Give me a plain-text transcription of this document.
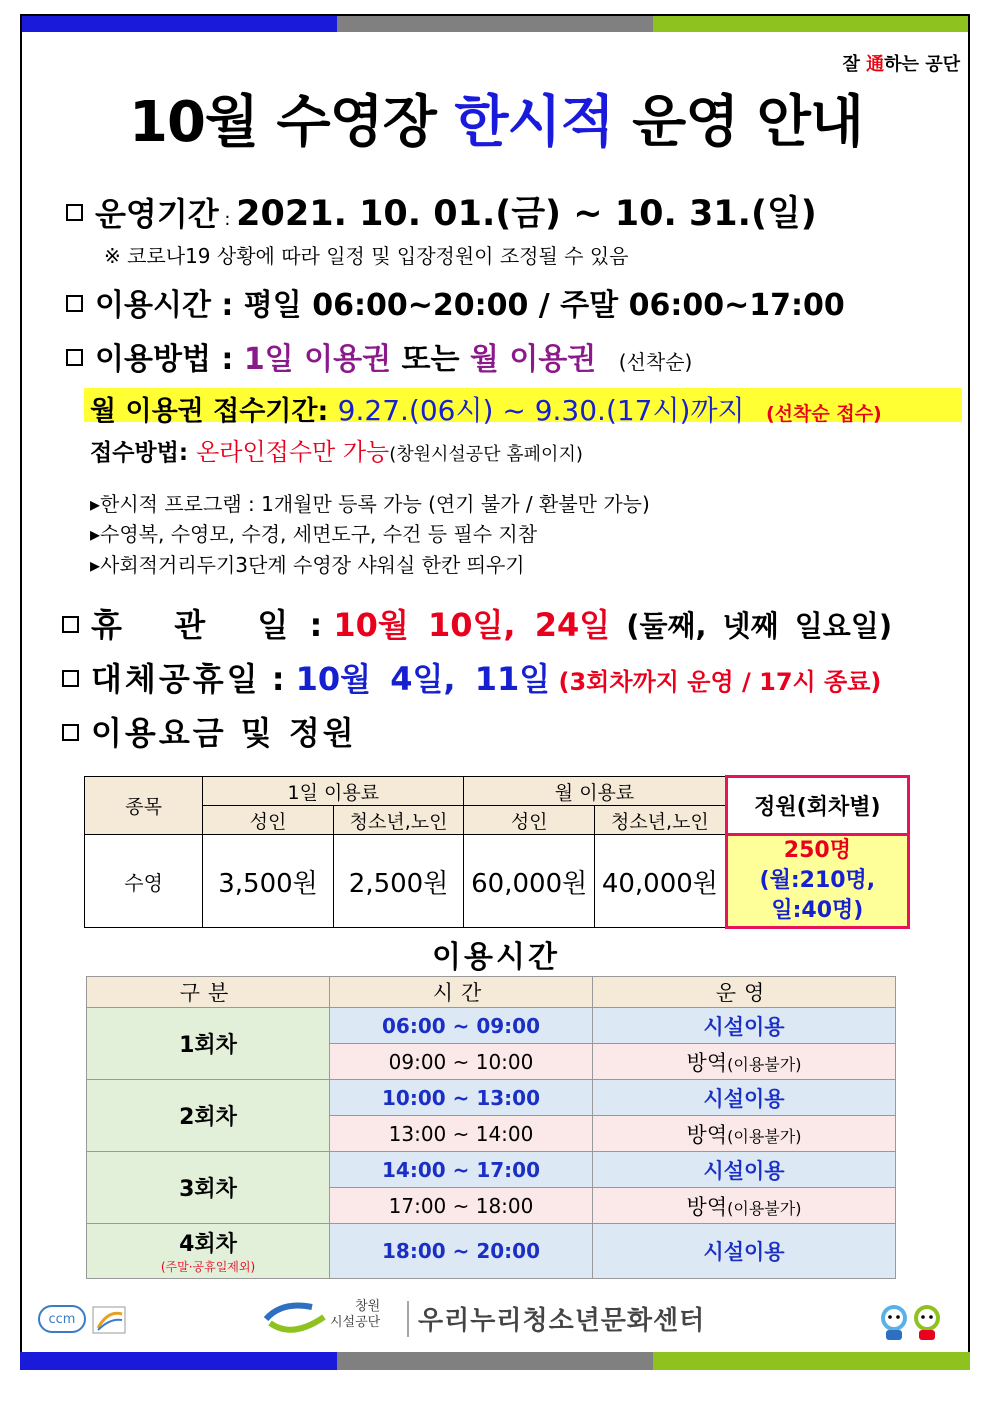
잘 通하는 공단
10월 수영장 한시적 운영 안내
운영기간 : 2021. 10. 01.(금) ~ 10. 31.(일)
※ 코로나19 상황에 따라 일정 및 입장정원이 조정될 수 있음
이용시간 : 평일 06:00~20:00 / 주말 06:00~17:00
이용방법 : 1일 이용권 또는 월 이용권 (선착순)
월 이용권 접수기간: 9.27.(06시) ~ 9.30.(17시)까지 (선착순 접수)
접수방법: 온라인접수만 가능(창원시설공단 홈페이지)
▸한시적 프로그램 : 1개월만 등록 가능 (연기 불가 / 환불만 가능)
▸수영복, 수영모, 수경, 세면도구, 수건 등 필수 지참
▸사회적거리두기3단계 수영장 샤워실 한칸 띄우기
휴  관  일 : 10월 10일, 24일 (둘째, 넷째 일요일)
대체공휴일 : 10월 4일, 11일 (3회차까지 운영 / 17시 종료)
이용요금 및 정원
종목	1일 이용료		월 이용료		정원(회차별)
	성인	청소년,노인	성인	청소년,노인	
수영	3,500원	2,500원	60,000원	40,000원	250명
(월:210명,
일:40명)
이용시간
구분	시간	운영
1회차	06:00 ~ 09:00	시설이용
	09:00 ~ 10:00	방역(이용불가)
2회차	10:00 ~ 13:00	시설이용
	13:00 ~ 14:00	방역(이용불가)
3회차	14:00 ~ 17:00	시설이용
	17:00 ~ 18:00	방역(이용불가)
4회차
(주말·공휴일제외)	18:00 ~ 20:00	시설이용
ccm
창원
시설공단 우리누리청소년문화센터
